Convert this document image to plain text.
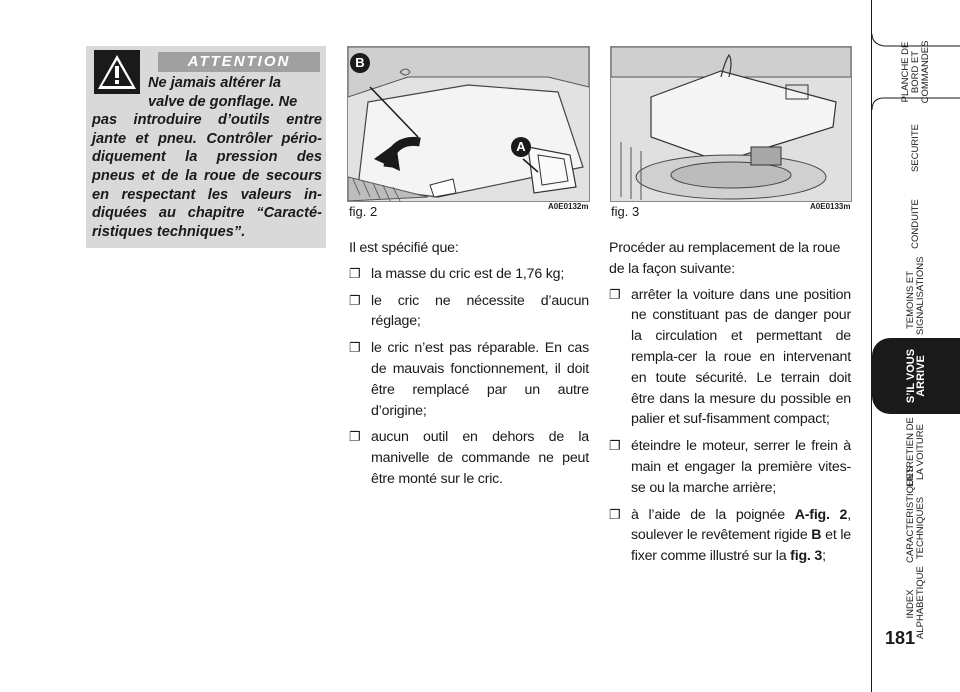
ATTENTION
Ne jamais altérer la
valve de gonflage. Ne
pas introduire d’outils entre jante et pneu. Contrôler pério-diquement la pression des pneus et de la roue de secours en respectant les valeurs in-diquées au chapitre “Caracté-ristiques techniques”.
B
A
fig. 2	A0E0132m fig. 3	A0E0133m

Il est spécifié que:

❐ la masse du cric est de 1,76 kg;
❐ le cric ne nécessite d’aucun réglage;
❐ le cric n’est pas réparable. En cas de mauvais fonctionnement, il doit être remplacé par un autre d’origine;
❐ aucun outil en dehors de la manivelle de commande ne peut être monté sur le cric.

Procéder au remplacement de la roue de la façon suivante:

❐ arrêter la voiture dans une position ne constituant pas de danger pour la circulation et permettant de rempla-cer la roue en intervenant en toute sécurité. Le terrain doit être dans la mesure du possible en palier et suf-fisamment compact;
❐ éteindre le moteur, serrer le frein à main et engager la première vites-se ou la marche arrière;
❐ à l’aide de la poignée A-fig. 2, soulever le revêtement rigide B et le fixer comme illustré sur la fig. 3;
PLANCHE DE BORD ET COMMANDES
SECURITE
CONDUITE
TEMOINS ET SIGNALISATIONS
S’IL VOUS ARRIVE
ENTRETIEN DE LA VOITURE
CARACTERISTIQUES TECHNIQUES
INDEX ALPHABETIQUE
181
